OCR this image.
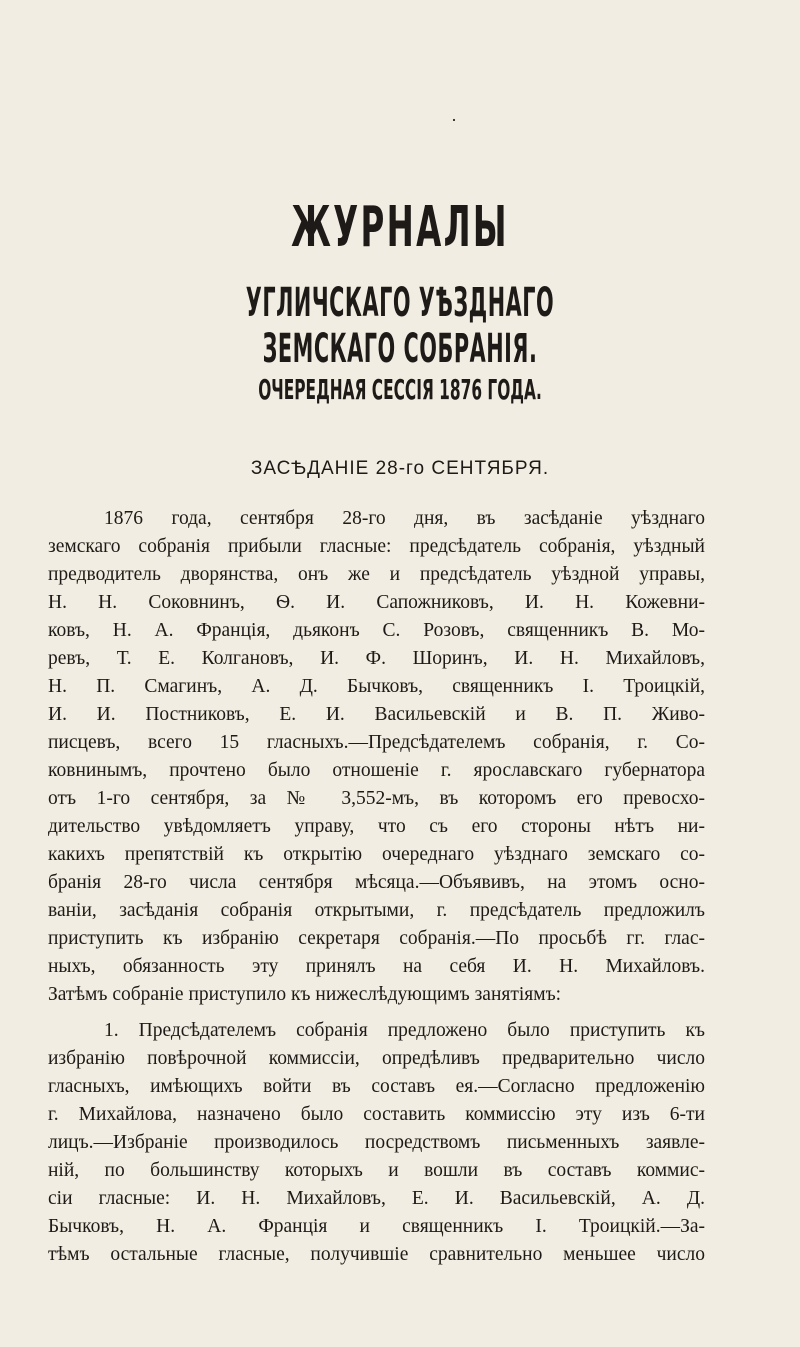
·
ЖУРНАЛЫ
УГЛИЧСКАГО УѢЗДНАГО ЗЕМСКАГО СОБРАНІЯ.
ОЧЕРЕДНАЯ СЕССІЯ 1876 ГОДА.
ЗАСѢДАНІЕ 28-го СЕНТЯБРЯ.
1876 года, сентября 28-го дня, въ засѣданіе уѣзднаго
земскаго собранія прибыли гласные: предсѣдатель собранія, уѣздный
предводитель дворянства, онъ же и предсѣдатель уѣздной управы,
Н. Н. Соковнинъ, Ѳ. И. Сапожниковъ, И. Н. Кожевни-
ковъ, Н. А. Францiя, дьяконъ С. Розовъ, священникъ В. Мо-
ревъ, Т. Е. Колгановъ, И. Ф. Шоринъ, И. Н. Михайловъ,
Н. П. Смагинъ, А. Д. Бычковъ, священникъ І. Троицкій,
И. И. Постниковъ, Е. И. Васильевскій и В. П. Живо-
писцевъ, всего 15 гласныхъ.—Предсѣдателемъ собранія, г. Со-
ковнинымъ, прочтено было отношеніе г. ярославскаго губернатора
отъ 1-го сентября, за № 3,552-мъ, въ которомъ его превосхо-
дительство увѣдомляетъ управу, что съ его стороны нѣтъ ни-
какихъ препятствій къ открытію очереднаго уѣзднаго земскаго со-
бранія 28-го числа сентября мѣсяца.—Объявивъ, на этомъ осно-
ваніи, засѣданія собранія открытыми, г. предсѣдатель предложилъ
приступить къ избранію секретаря собранія.—По просьбѣ гг. глас-
ныхъ, обязанность эту принялъ на себя И. Н. Михайловъ.
Затѣмъ собраніе приступило къ нижеслѣдующимъ занятіямъ:
1. Предсѣдателемъ собранія предложено было приступить къ
избранію повѣрочной коммиссіи, опредѣливъ предварительно число
гласныхъ, имѣющихъ войти въ составъ ея.—Согласно предложенію
г. Михайлова, назначено было составить коммиссію эту изъ 6-ти
лицъ.—Избраніе производилось посредствомъ письменныхъ заявле-
ній, по большинству которыхъ и вошли въ составъ коммис-
сіи гласные: И. Н. Михайловъ, Е. И. Васильевскій, А. Д.
Бычковъ, Н. А. Францiя и священникъ І. Троицкій.—За-
тѣмъ остальные гласные, получившіе сравнительно меньшее число
